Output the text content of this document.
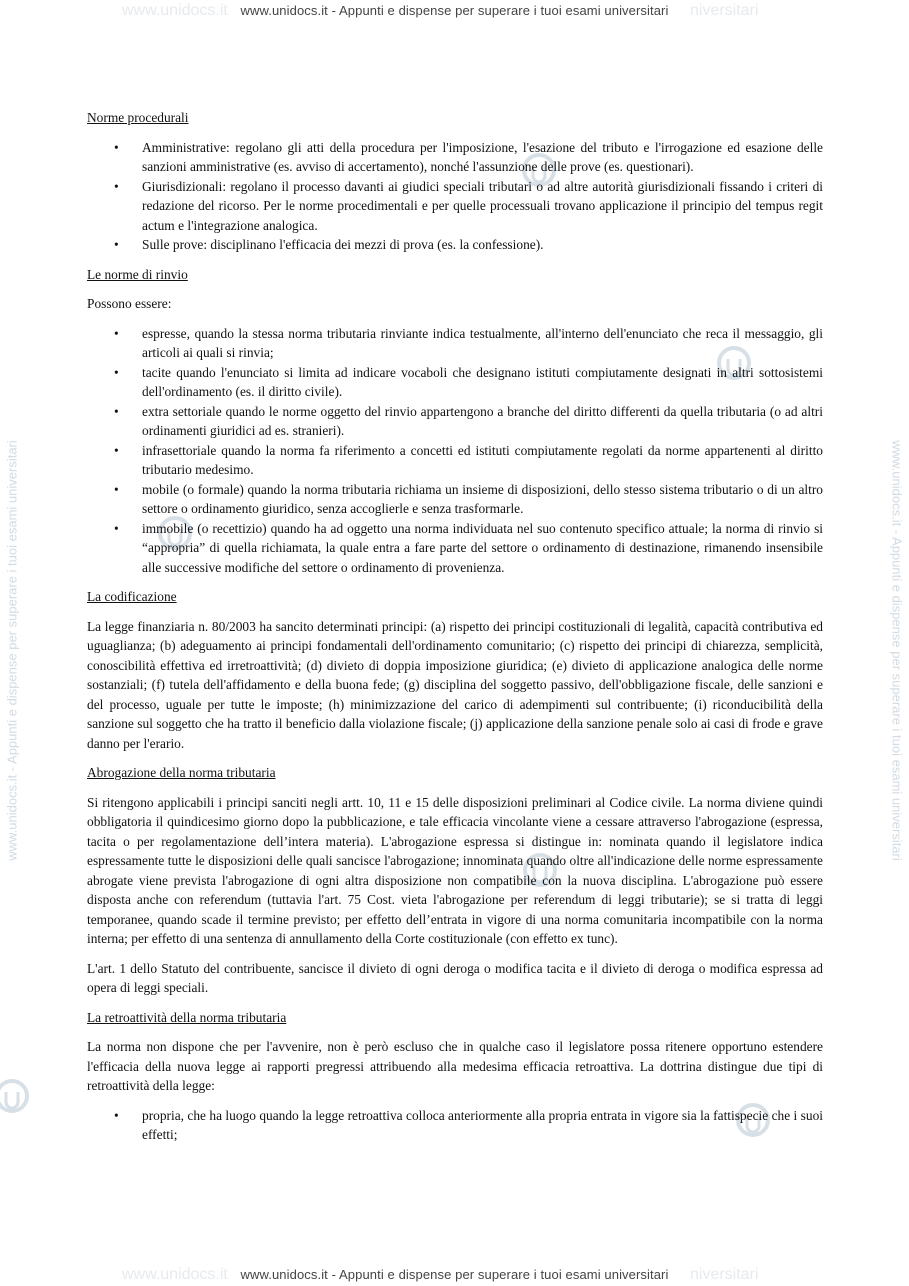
www.unidocs.it	niversitari
www.unidocs.it	niversitari
www.unidocs.it - Appunti e dispense per superare i tuoi esami universitari
www.unidocs.it - Appunti e dispense per superare i tuoi esami universitari
www.unidocs.it - Appunti e dispense per superare i tuoi esami universitari	www.unidocs.it - Appunti e dispense per superare i tuoi esami universitari
Norme procedurali
• Amministrative: regolano gli atti della procedura per l'imposizione, l'esazione del tributo e l'irrogazione ed esazione delle sanzioni amministrative (es. avviso di accertamento), nonché l'assunzione delle prove (es. questionari).
• Giurisdizionali: regolano il processo davanti ai giudici speciali tributari o ad altre autorità giurisdizionali fissando i criteri di redazione del ricorso. Per le norme procedimentali e per quelle processuali trovano applicazione il principio del tempus regit actum e l'integrazione analogica.
• Sulle prove: disciplinano l'efficacia dei mezzi di prova (es. la confessione).
Le norme di rinvio

Possono essere:

• espresse, quando la stessa norma tributaria rinviante indica testualmente, all'interno dell'enunciato che reca il messaggio, gli articoli ai quali si rinvia;
• tacite quando l'enunciato si limita ad indicare vocaboli che designano istituti compiutamente designati in altri sottosistemi dell'ordinamento (es. il diritto civile).
• extra settoriale quando le norme oggetto del rinvio appartengono a branche del diritto differenti da quella tributaria (o ad altri ordinamenti giuridici ad es. stranieri).
• infrasettoriale quando la norma fa riferimento a concetti ed istituti compiutamente regolati da norme appartenenti al diritto tributario medesimo.
• mobile (o formale) quando la norma tributaria richiama un insieme di disposizioni, dello stesso sistema tributario o di un altro settore o ordinamento giuridico, senza accoglierle e senza trasformarle.
• immobile (o recettizio) quando ha ad oggetto una norma individuata nel suo contenuto specifico attuale; la norma di rinvio si “appropria” di quella richiamata, la quale entra a fare parte del settore o ordinamento di destinazione, rimanendo insensibile alle successive modifiche del settore o ordinamento di provenienza.
La codificazione

La legge finanziaria n. 80/2003 ha sancito determinati principi: (a) rispetto dei principi costituzionali di legalità, capacità contributiva ed uguaglianza; (b) adeguamento ai principi fondamentali dell'ordinamento comunitario; (c) rispetto dei principi di chiarezza, semplicità, conoscibilità effettiva ed irretroattività; (d) divieto di doppia imposizione giuridica; (e) divieto di applicazione analogica delle norme sostanziali; (f) tutela dell'affidamento e della buona fede; (g) disciplina del soggetto passivo, dell'obbligazione fiscale, delle sanzioni e del processo, uguale per tutte le imposte; (h) minimizzazione del carico di adempimenti sul contribuente; (i) riconducibilità della sanzione sul soggetto che ha tratto il beneficio dalla violazione fiscale; (j) applicazione della sanzione penale solo ai casi di frode e grave danno per l'erario.

Abrogazione della norma tributaria

Si ritengono applicabili i principi sanciti negli artt. 10, 11 e 15 delle disposizioni preliminari al Codice civile. La norma diviene quindi obbligatoria il quindicesimo giorno dopo la pubblicazione, e tale efficacia vincolante viene a cessare attraverso l'abrogazione (espressa, tacita o per regolamentazione dell’intera materia). L'abrogazione espressa si distingue in: nominata quando il legislatore indica espressamente tutte le disposizioni delle quali sancisce l'abrogazione; innominata quando oltre all'indicazione delle norme espressamente abrogate viene prevista l'abrogazione di ogni altra disposizione non compatibile con la nuova disciplina. L'abrogazione può essere disposta anche con referendum (tuttavia l'art. 75 Cost. vieta l'abrogazione per referendum di leggi tributarie); se si tratta di leggi temporanee, quando scade il termine previsto; per effetto dell’entrata in vigore di una norma comunitaria incompatibile con la norma interna; per effetto di una sentenza di annullamento della Corte costituzionale (con effetto ex tunc).

L'art. 1 dello Statuto del contribuente, sancisce il divieto di ogni deroga o modifica tacita e il divieto di deroga o modifica espressa ad opera di leggi speciali.

La retroattività della norma tributaria

La norma non dispone che per l'avvenire, non è però escluso che in qualche caso il legislatore possa ritenere opportuno estendere l'efficacia della nuova legge ai rapporti pregressi attribuendo alla medesima efficacia retroattiva. La dottrina distingue due tipi di retroattività della legge:

• propria, che ha luogo quando la legge retroattiva colloca anteriormente alla propria entrata in vigore sia la fattispecie che i suoi effetti;
